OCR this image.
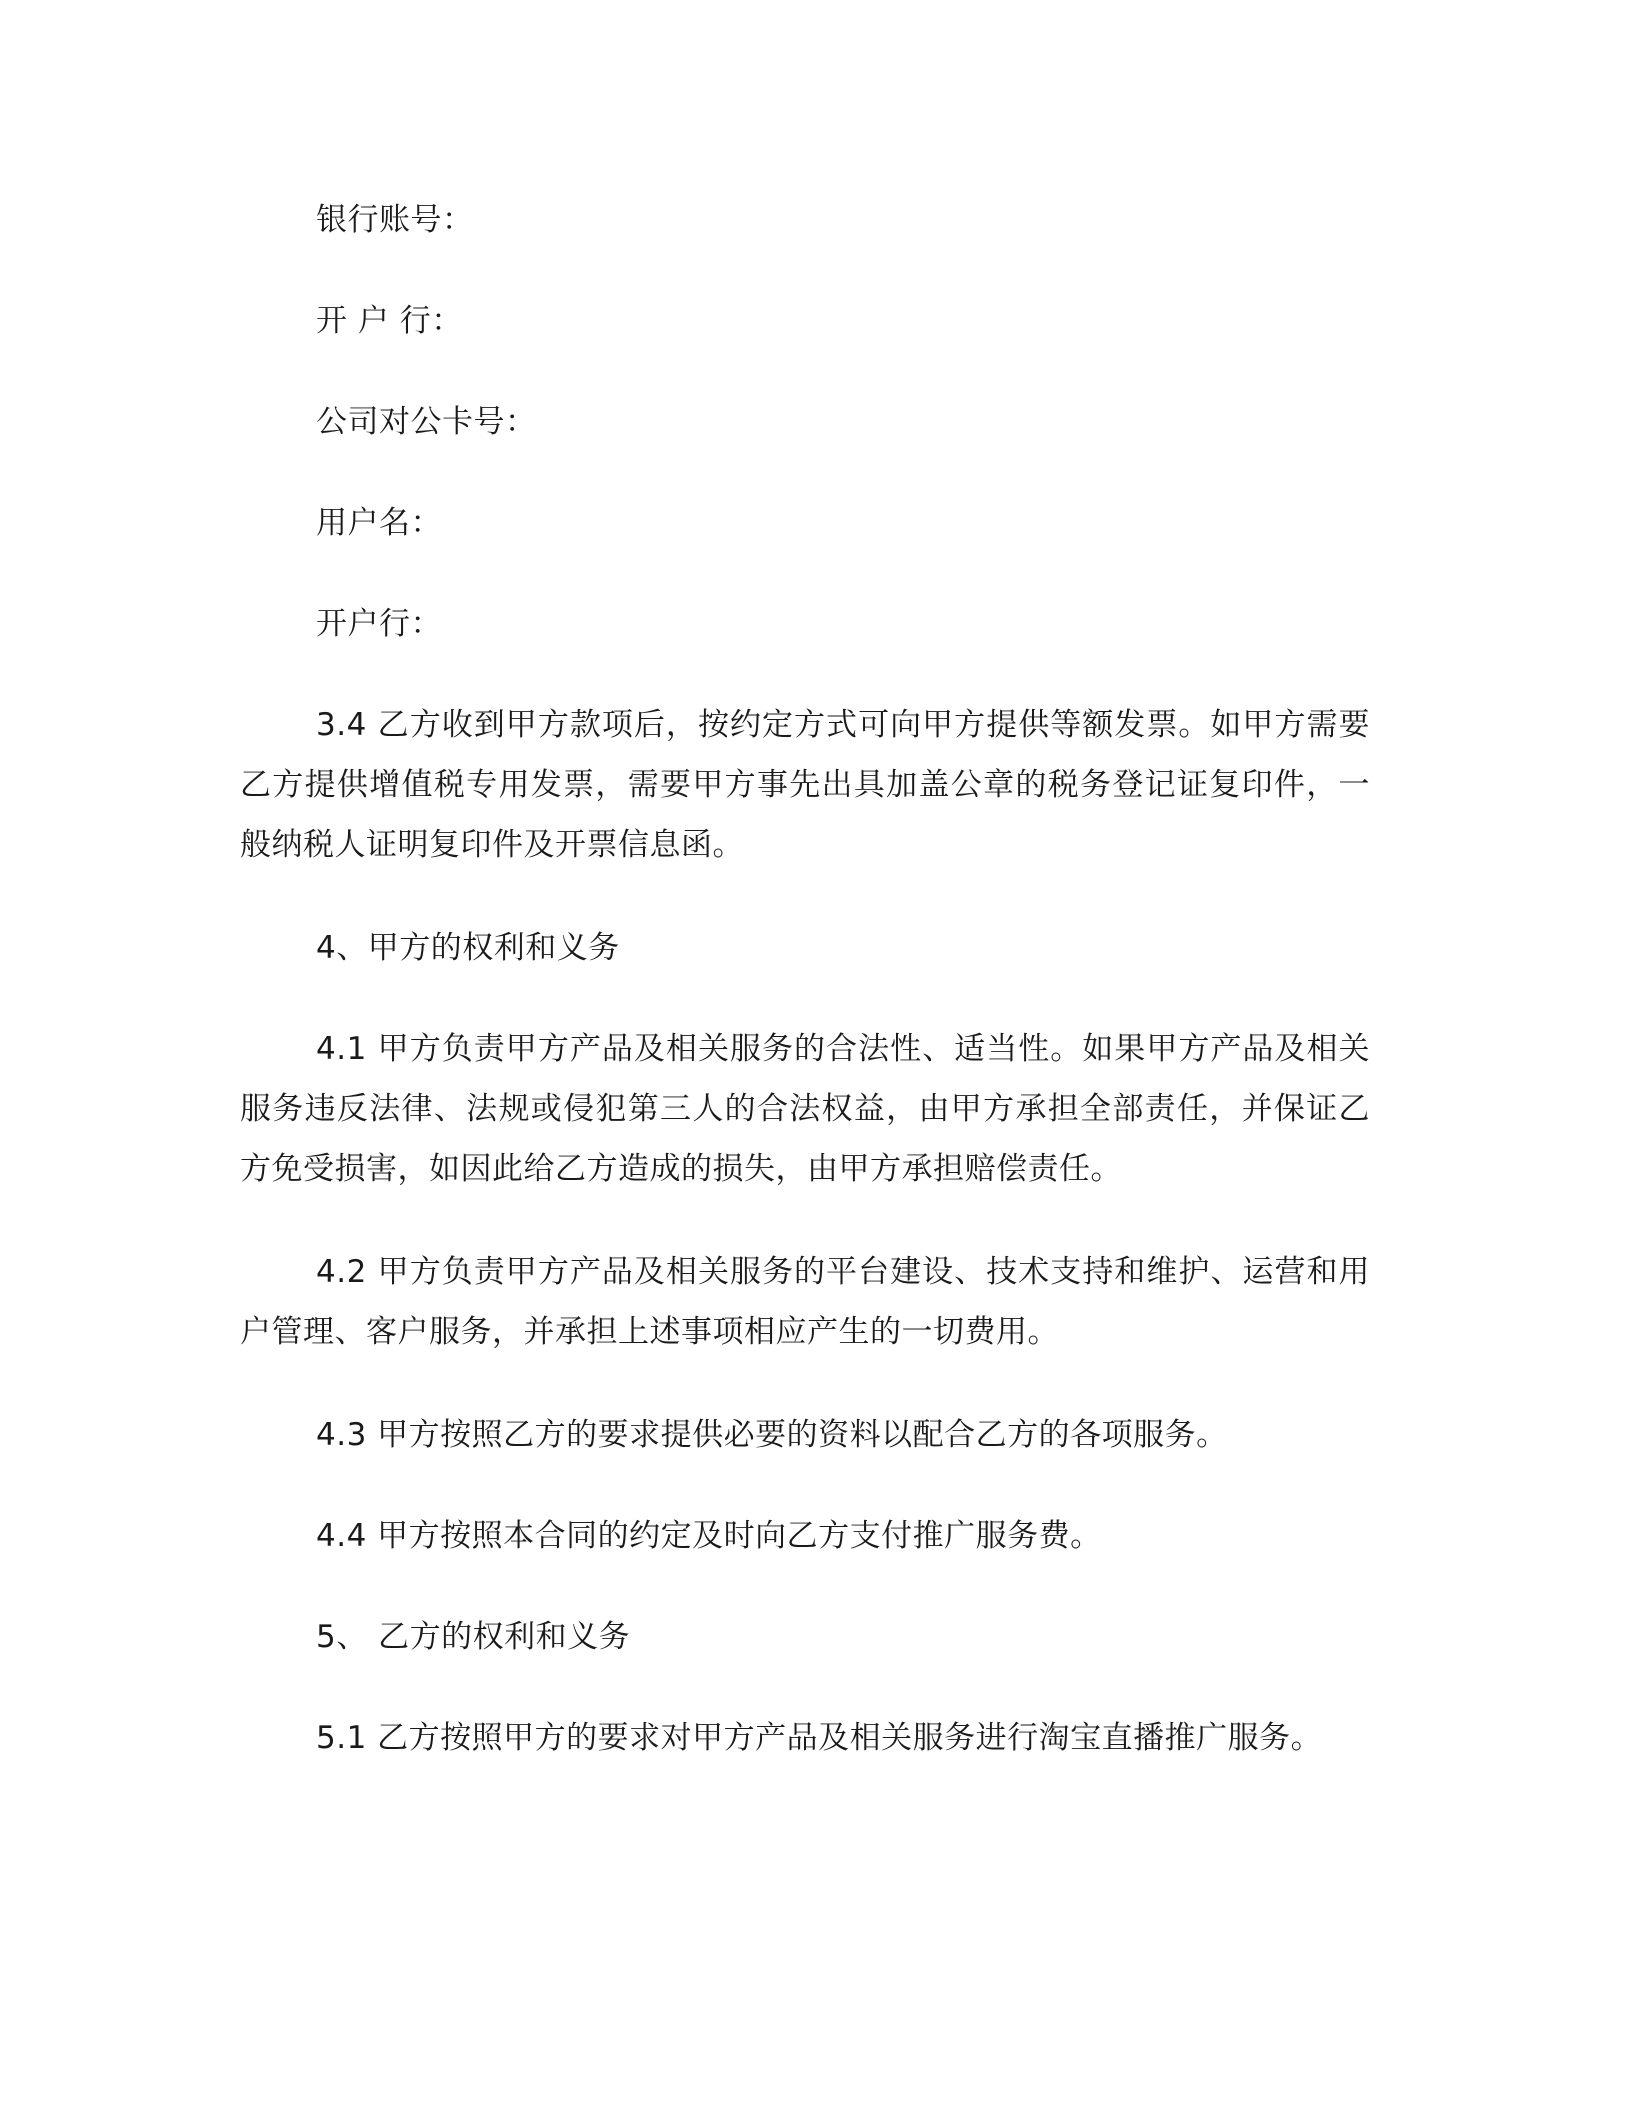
银行账号：

开 户 行：

公司对公卡号：

用户名：

开户行：

3.4 乙方收到甲方款项后，按约定方式可向甲方提供等额发票。如甲方需要乙方提供增值税专用发票，需要甲方事先出具加盖公章的税务登记证复印件，一般纳税人证明复印件及开票信息函。

4、甲方的权利和义务

4.1 甲方负责甲方产品及相关服务的合法性、适当性。如果甲方产品及相关服务违反法律、法规或侵犯第三人的合法权益，由甲方承担全部责任，并保证乙方免受损害，如因此给乙方造成的损失，由甲方承担赔偿责任。

4.2 甲方负责甲方产品及相关服务的平台建设、技术支持和维护、运营和用户管理、客户服务，并承担上述事项相应产生的一切费用。

4.3 甲方按照乙方的要求提供必要的资料以配合乙方的各项服务。

4.4 甲方按照本合同的约定及时向乙方支付推广服务费。

5、 乙方的权利和义务

5.1 乙方按照甲方的要求对甲方产品及相关服务进行淘宝直播推广服务。
